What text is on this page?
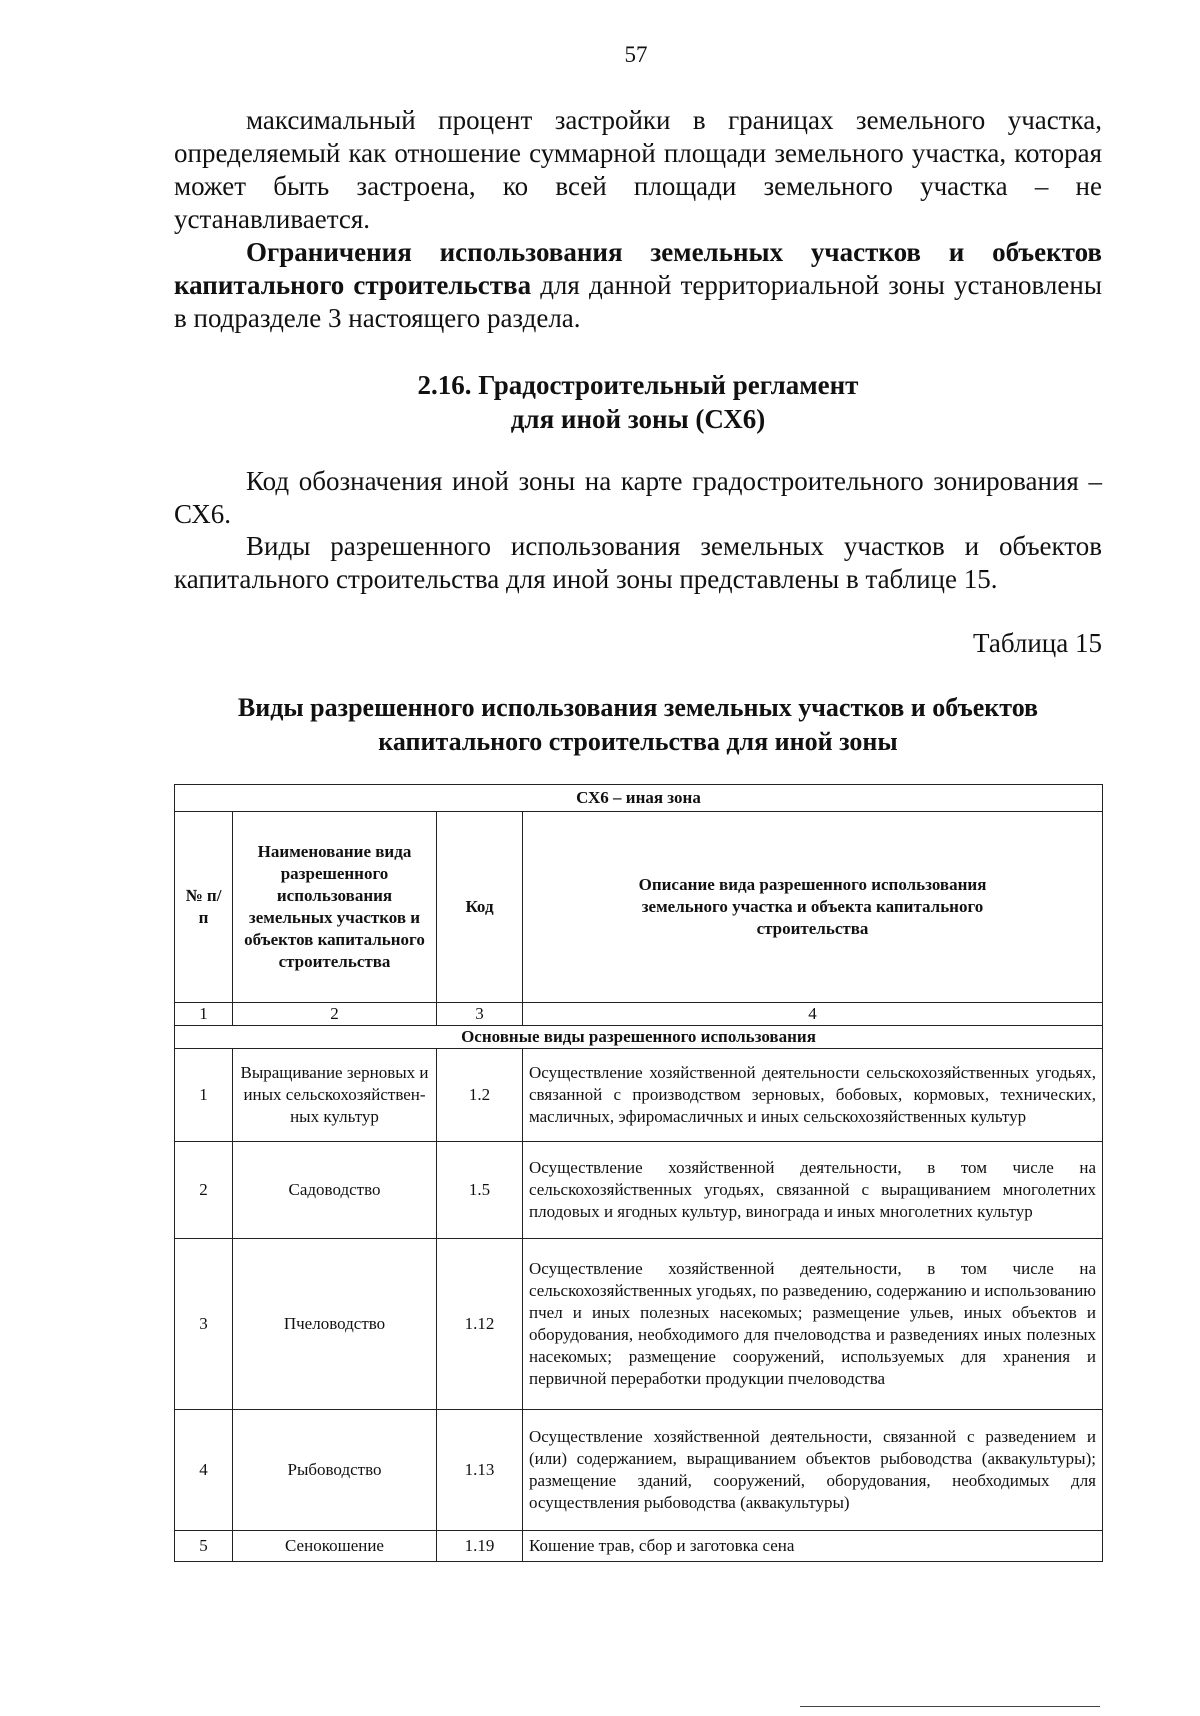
57

максимальный процент застройки в границах земельного участка, определяемый как отношение суммарной площади земельного участка, которая может быть застроена, ко всей площади земельного участка – не устанавливается.

Ограничения использования земельных участков и объектов капитального строительства для данной территориальной зоны установлены в подразделе 3 настоящего раздела.

2.16. Градостроительный регламент
для иной зоны (СХ6)

Код обозначения иной зоны на карте градостроительного зонирования – СХ6.

Виды разрешенного использования земельных участков и объектов капитального строительства для иной зоны представлены в таблице 15.

Таблица 15
Виды разрешенного использования земельных участков и объектов
капитального строительства для иной зоны
СХ6 – иная зона			
№ п/п	Наименование вида разрешенного использования земельных участков и объектов капитального строительства	Код	Описание вида разрешенного использования земельного участка и объекта капитального строительства
1	2	3	4
Основные виды разрешенного использования			
1	Выращивание зерновых и иных сельскохозяйствен-ных культур	1.2	Осуществление хозяйственной деятельности сельскохозяйственных угодьях, связанной с производством зерновых, бобовых, кормовых, технических, масличных, эфиромасличных и иных сельскохозяйственных культур
2	Садоводство	1.5	Осуществление хозяйственной деятельности, в том числе на сельскохозяйственных угодьях, связанной с выращиванием многолетних плодовых и ягодных культур, винограда и иных многолетних культур
3	Пчеловодство	1.12	Осуществление хозяйственной деятельности, в том числе на сельскохозяйственных угодьях, по разведению, содержанию и использованию пчел и иных полезных насекомых; размещение ульев, иных объектов и оборудования, необходимого для пчеловодства и разведениях иных полезных насекомых; размещение сооружений, используемых для хранения и первичной переработки продукции пчеловодства
4	Рыбоводство	1.13	Осуществление хозяйственной деятельности, связанной с разведением и (или) содержанием, выращиванием объектов рыбоводства (аквакультуры); размещение зданий, сооружений, оборудования, необходимых для осуществления рыбоводства (аквакультуры)
5	Сенокошение	1.19	Кошение трав, сбор и заготовка сена
